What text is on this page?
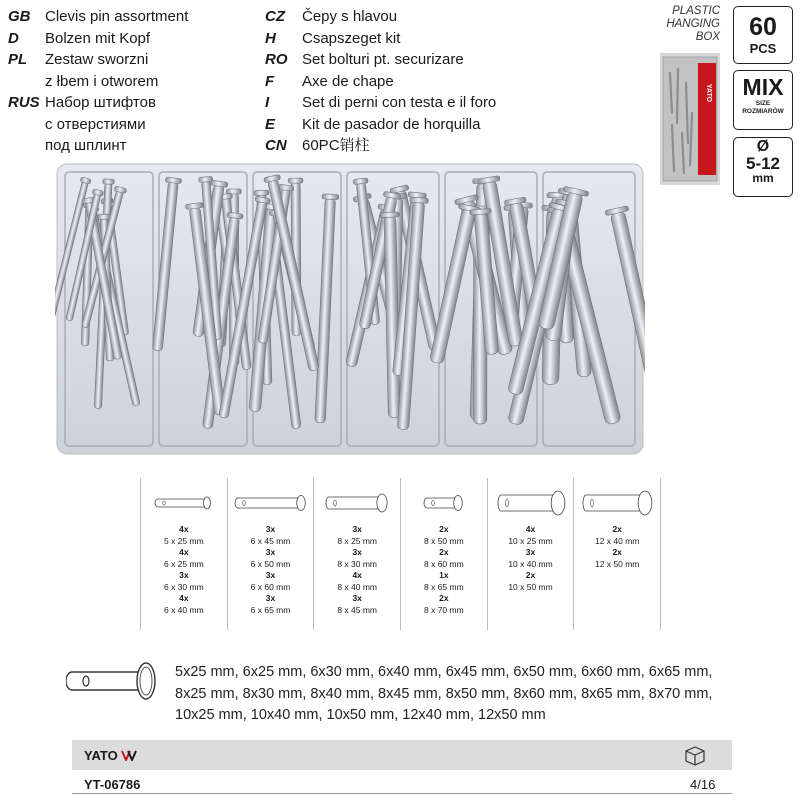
GB Clevis pin assortment
D	Bolzen mit Kopf
PL	Zestaw sworzni
z łbem i otworem
RUS Набор штифтов
с отверстиями
под шплинт
CZ	Čepy s hlavou
H	Csapszeget kit
RO Set bolturi pt. securizare
F	Axe de chape
I	Set di perni con testa e il foro
E	Kit de pasador de horquilla
CN	60PC销柱
PLASTIC
HANGING
BOX
YATO
60
PCS
MIX
SIZE
ROZMIARÓW
Ø
5-12
mm
4x
5 x 25 mm
4x
6 x 25 mm
3x
6 x 30 mm
4x
6 x 40 mm
3x
6 x 45 mm
3x
6 x 50 mm
3x
6 x 60 mm
3x
6 x 65 mm
3x
8 x 25 mm
3x
8 x 30 mm
4x
8 x 40 mm
3x
8 x 45 mm
2x
8 x 50 mm
2x
8 x 60 mm
1x
8 x 65 mm
2x
8 x 70 mm
4x
10 x 25 mm
3x
10 x 40 mm
2x
10 x 50 mm
2x
12 x 40 mm
2x
12 x 50 mm
5x25 mm, 6x25 mm, 6x30 mm, 6x40 mm, 6x45 mm, 6x50 mm, 6x60 mm, 6x65 mm,
8x25 mm, 8x30 mm, 8x40 mm, 8x45 mm, 8x50 mm, 8x60 mm, 8x65 mm, 8x70 mm,
10x25 mm, 10x40 mm, 10x50 mm, 12x40 mm, 12x50 mm
YATO
YT-06786	4/16
